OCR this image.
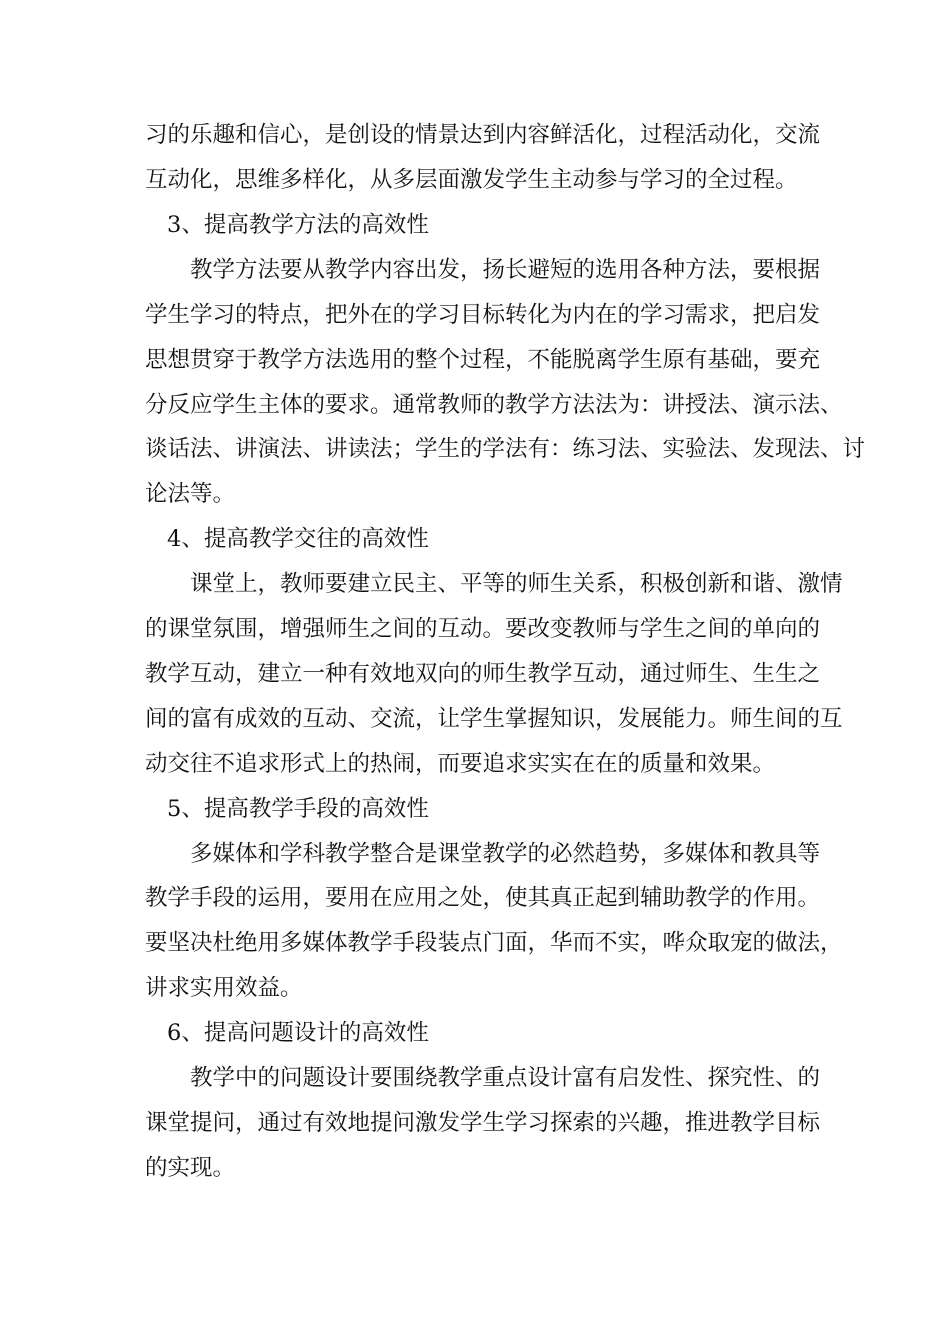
习的乐趣和信心，是创设的情景达到内容鲜活化，过程活动化，交流
互动化，思维多样化，从多层面激发学生主动参与学习的全过程。
3、提高教学方法的高效性
教学方法要从教学内容出发，扬长避短的选用各种方法，要根据
学生学习的特点，把外在的学习目标转化为内在的学习需求，把启发
思想贯穿于教学方法选用的整个过程，不能脱离学生原有基础，要充
分反应学生主体的要求。通常教师的教学方法法为：讲授法、演示法、
谈话法、讲演法、讲读法；学生的学法有：练习法、实验法、发现法、讨
论法等。
4、提高教学交往的高效性
课堂上，教师要建立民主、平等的师生关系，积极创新和谐、激情
的课堂氛围，增强师生之间的互动。要改变教师与学生之间的单向的
教学互动，建立一种有效地双向的师生教学互动，通过师生、生生之
间的富有成效的互动、交流，让学生掌握知识，发展能力。师生间的互
动交往不追求形式上的热闹，而要追求实实在在的质量和效果。
5、提高教学手段的高效性
多媒体和学科教学整合是课堂教学的必然趋势，多媒体和教具等
教学手段的运用，要用在应用之处，使其真正起到辅助教学的作用。
要坚决杜绝用多媒体教学手段装点门面，华而不实，哗众取宠的做法，
讲求实用效益。
6、提高问题设计的高效性
教学中的问题设计要围绕教学重点设计富有启发性、探究性、的
课堂提问，通过有效地提问激发学生学习探索的兴趣，推进教学目标
的实现。
